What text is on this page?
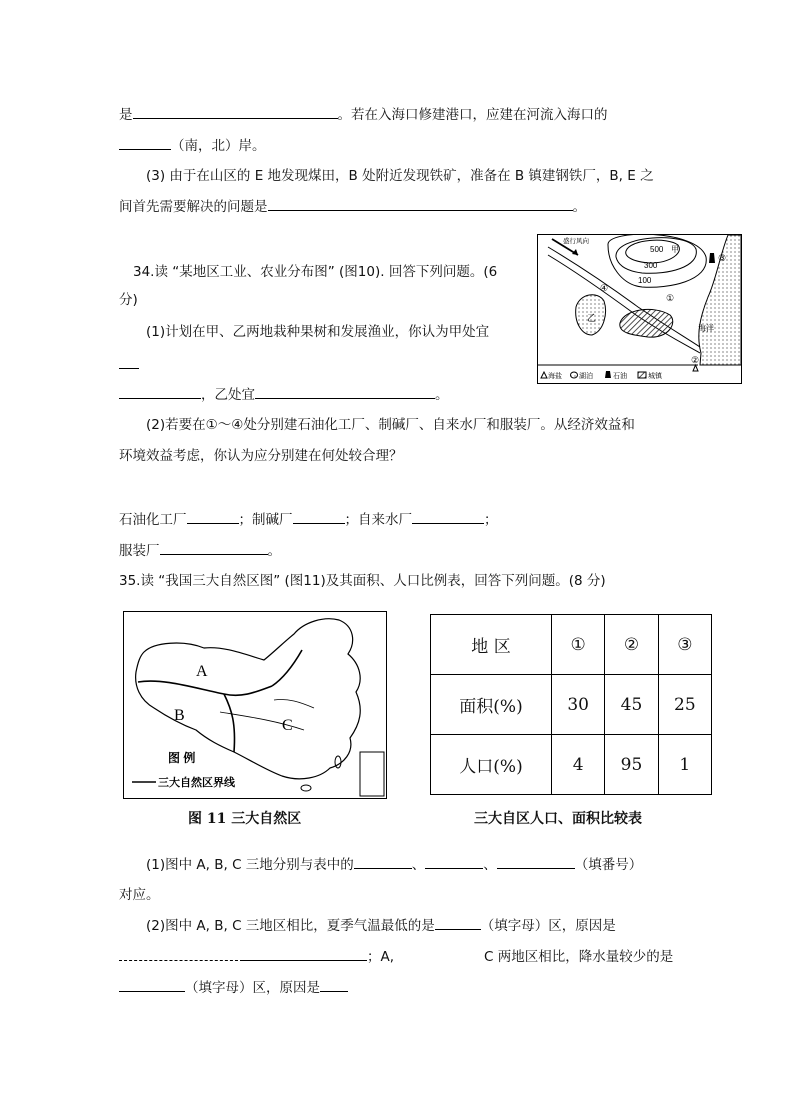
是	。若在入海口修建港口，应建在河流入海口的
（南，北）岸。
(3) 由于在山区的 E 地发现煤田，B 处附近发现铁矿，准备在 B 镇建钢铁厂，B, E 之
间首先需要解决的问题是	。
34.读 “某地区工业、农业分布图” (图10). 回答下列问题。(6
分)
(1)计划在甲、乙两地栽种果树和发展渔业，你认为甲处宜
，乙处宜	。
(2)若要在①～④处分别建石油化工厂、制碱厂、自来水厂和服装厂。从经济效益和
环境效益考虑，你认为应分别建在何处较合理？
石油化工厂	；制碱厂	；自来水厂	；
服装厂	。
500 甲
300
100
盛行风向
乙
④
①
②
③
海洋
海盐 湖泊	石油	城镇
35.读 “我国三大自然区图” (图11)及其面积、人口比例表，回答下列问题。(8 分)
A
B
C
图 例
三大自然区界线
图 11 三大自然区
地 区	①	②	③
面积(%)	30	45	25
人口(%)	4	95	1
三大自区人口、面积比较表
(1)图中 A, B, C 三地分别与表中的	、	、	（填番号）
对应。
(2)图中 A, B, C 三地区相比，夏季气温最低的是	（填字母）区，原因是
；A,	C 两地区相比，降水量较少的是
（填字母）区，原因是
